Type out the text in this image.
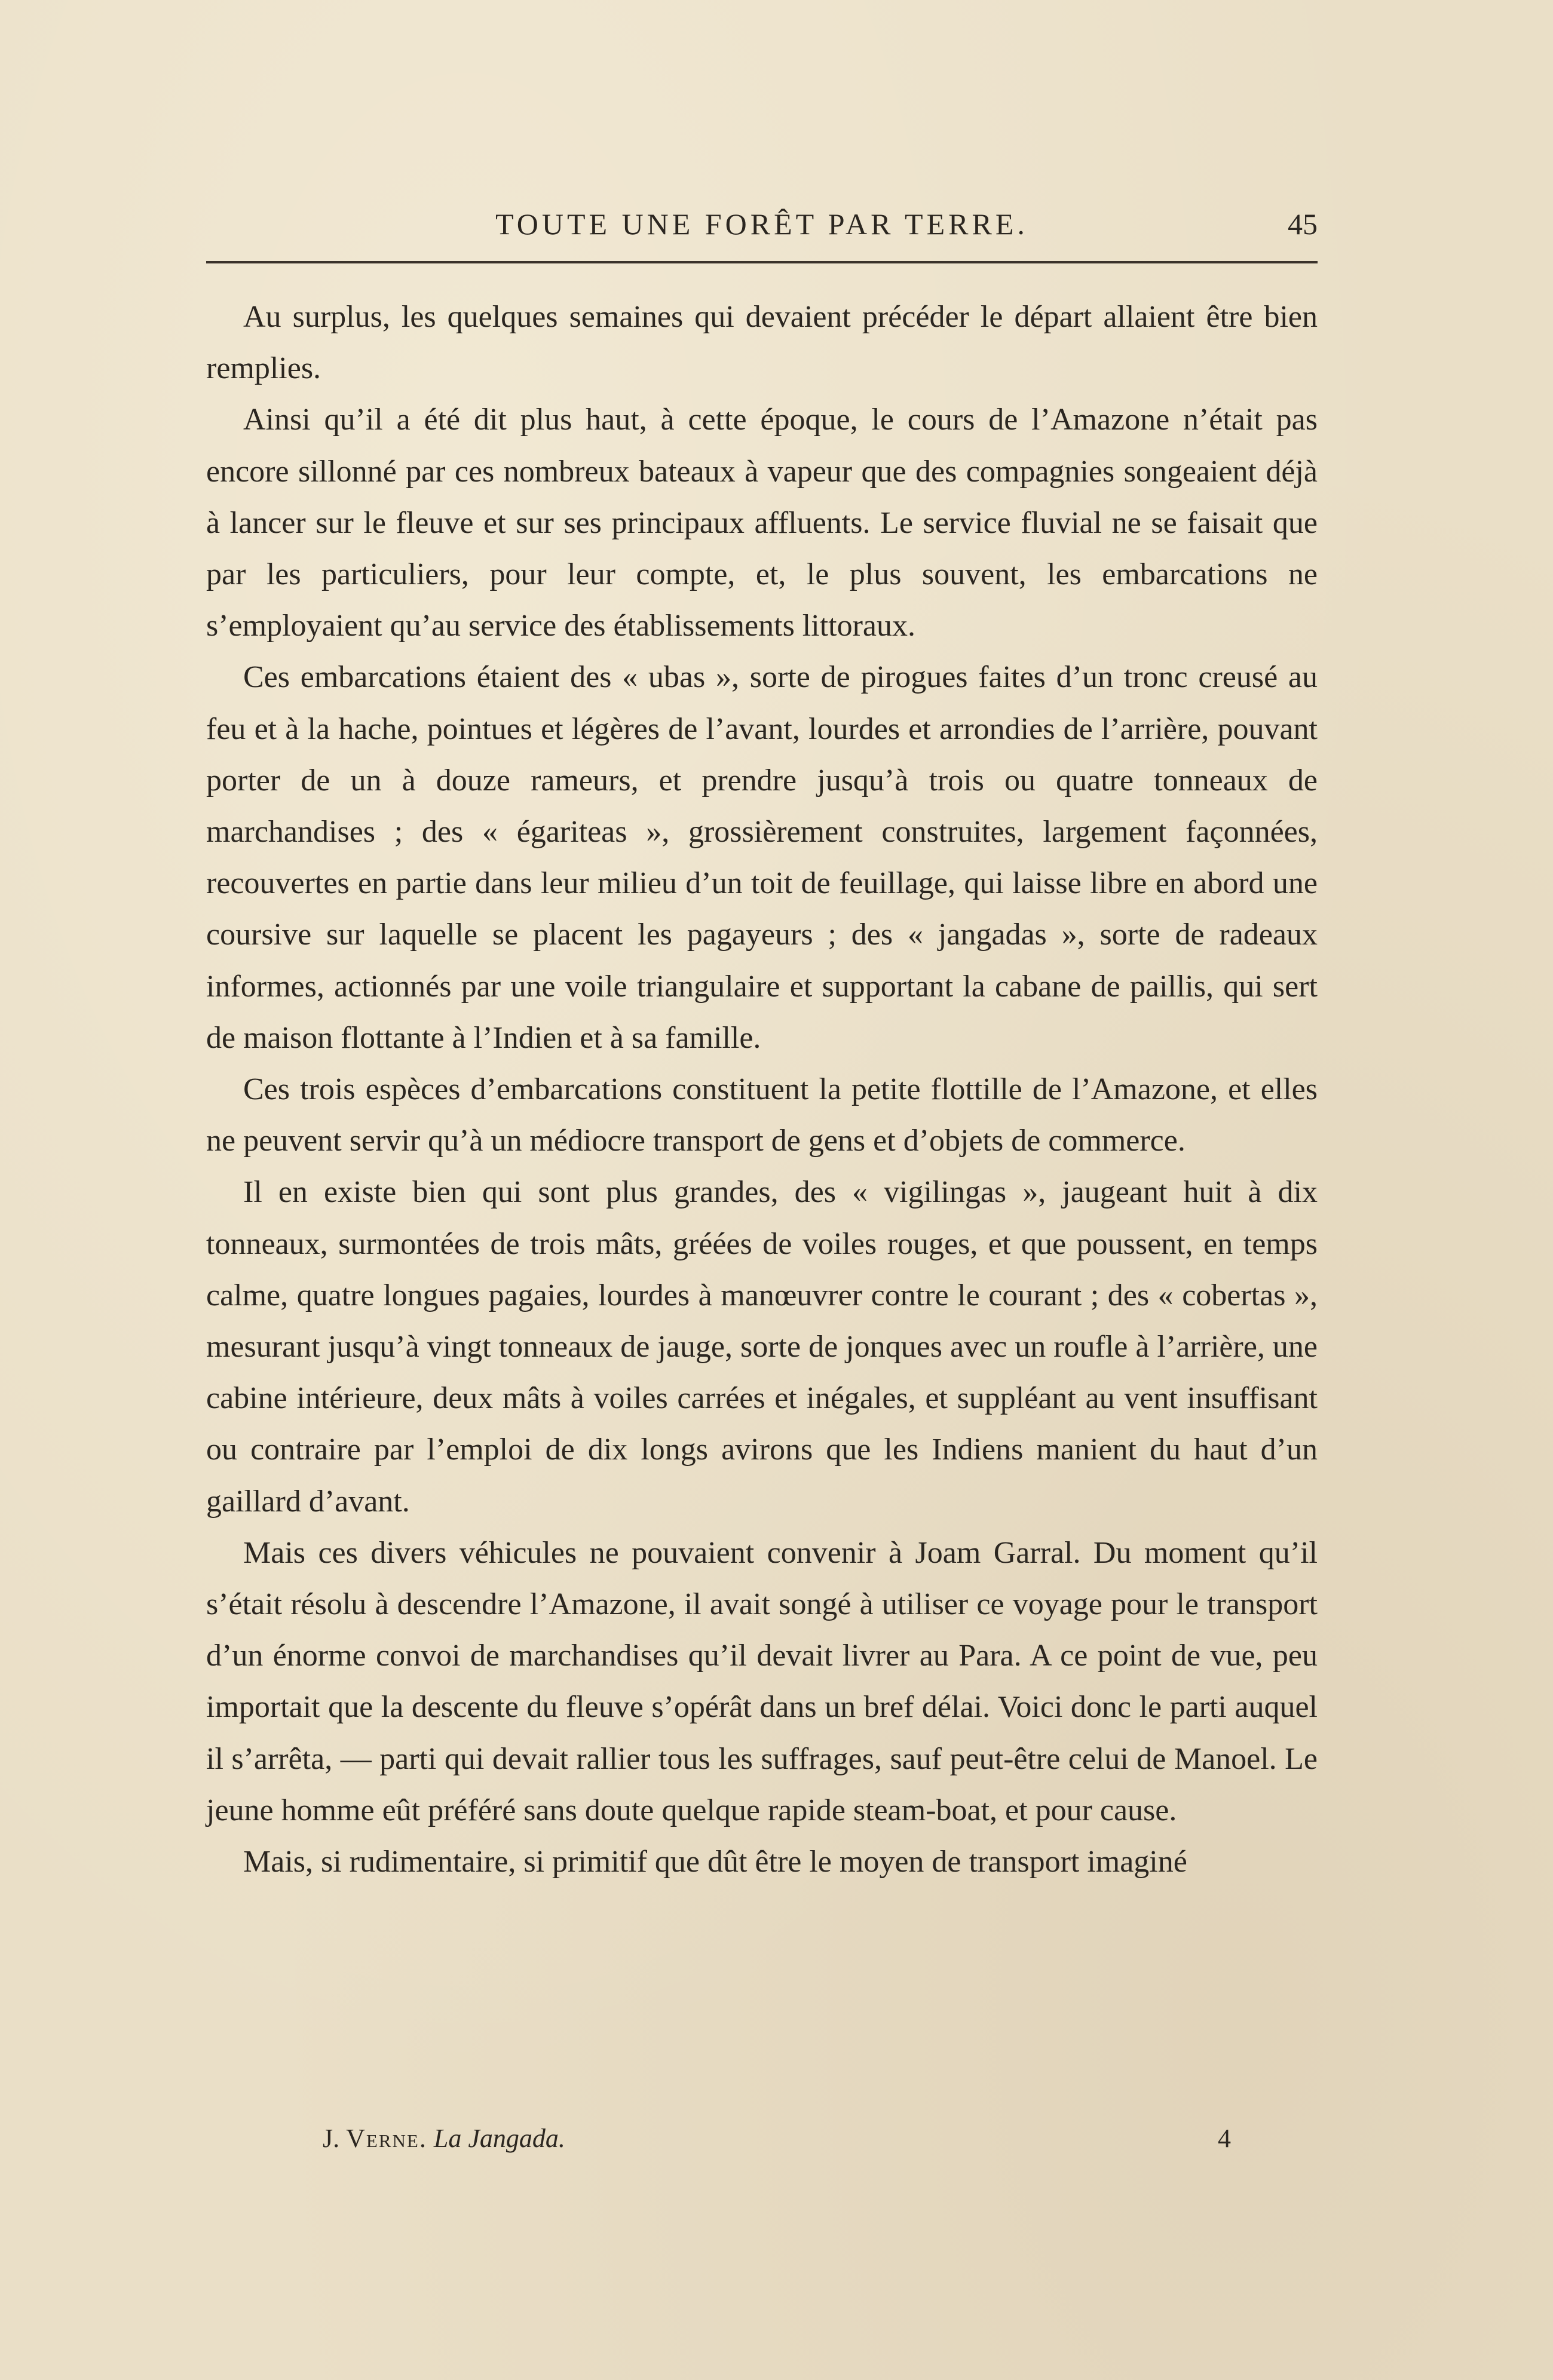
TOUTE UNE FORÊT PAR TERRE.	45

Au surplus, les quelques semaines qui devaient précéder le départ allaient être bien remplies.

Ainsi qu’il a été dit plus haut, à cette époque, le cours de l’Amazone n’était pas encore sillonné par ces nombreux bateaux à vapeur que des compagnies songeaient déjà à lancer sur le fleuve et sur ses principaux affluents. Le service fluvial ne se faisait que par les particuliers, pour leur compte, et, le plus souvent, les embarcations ne s’employaient qu’au service des établissements littoraux.

Ces embarcations étaient des « ubas », sorte de pirogues faites d’un tronc creusé au feu et à la hache, pointues et légères de l’avant, lourdes et arrondies de l’arrière, pouvant porter de un à douze rameurs, et prendre jusqu’à trois ou quatre tonneaux de marchandises ; des « égariteas », grossièrement construites, largement façonnées, recouvertes en partie dans leur milieu d’un toit de feuillage, qui laisse libre en abord une coursive sur laquelle se placent les pagayeurs ; des « jangadas », sorte de radeaux informes, actionnés par une voile triangulaire et supportant la cabane de paillis, qui sert de maison flottante à l’Indien et à sa famille.

Ces trois espèces d’embarcations constituent la petite flottille de l’Amazone, et elles ne peuvent servir qu’à un médiocre transport de gens et d’objets de commerce.

Il en existe bien qui sont plus grandes, des « vigilingas », jaugeant huit à dix tonneaux, surmontées de trois mâts, gréées de voiles rouges, et que poussent, en temps calme, quatre longues pagaies, lourdes à manœuvrer contre le courant ; des « cobertas », mesurant jusqu’à vingt tonneaux de jauge, sorte de jonques avec un roufle à l’arrière, une cabine intérieure, deux mâts à voiles carrées et inégales, et suppléant au vent insuffisant ou contraire par l’emploi de dix longs avirons que les Indiens manient du haut d’un gaillard d’avant.

Mais ces divers véhicules ne pouvaient convenir à Joam Garral. Du moment qu’il s’était résolu à descendre l’Amazone, il avait songé à utiliser ce voyage pour le transport d’un énorme convoi de marchandises qu’il devait livrer au Para. A ce point de vue, peu importait que la descente du fleuve s’opérât dans un bref délai. Voici donc le parti auquel il s’arrêta, — parti qui devait rallier tous les suffrages, sauf peut-être celui de Manoel. Le jeune homme eût préféré sans doute quelque rapide steam-boat, et pour cause.

Mais, si rudimentaire, si primitif que dût être le moyen de transport imaginé

J. Verne. La Jangada.	4
